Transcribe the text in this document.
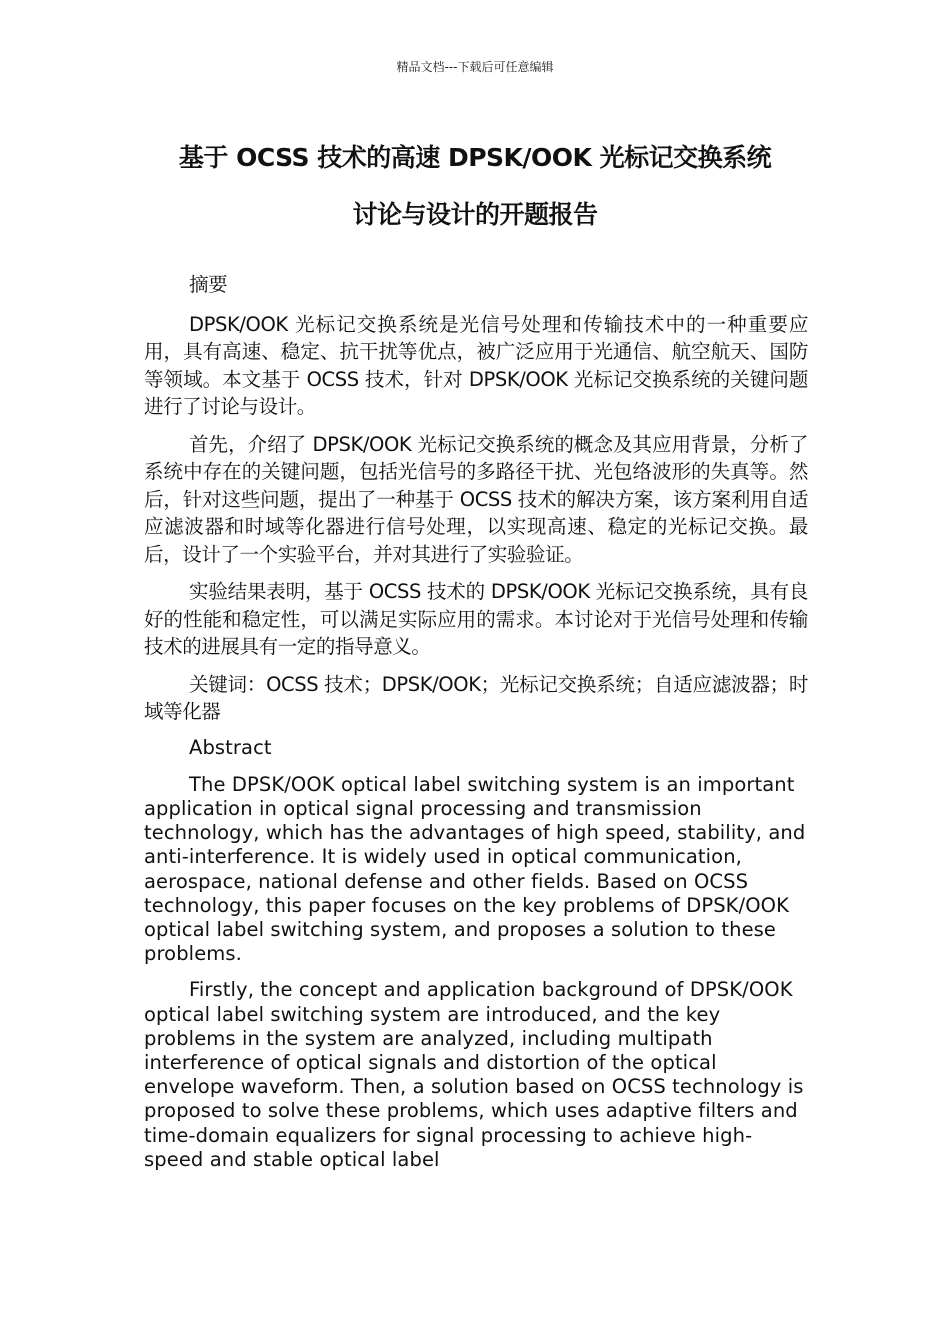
精品文档---下载后可任意编辑
基于 OCSS 技术的高速 DPSK/OOK 光标记交换系统
讨论与设计的开题报告

摘要

DPSK/OOK 光标记交换系统是光信号处理和传输技术中的一种重要应用，具有高速、稳定、抗干扰等优点，被广泛应用于光通信、航空航天、国防等领域。本文基于 OCSS 技术，针对 DPSK/OOK 光标记交换系统的关键问题进行了讨论与设计。

首先，介绍了 DPSK/OOK 光标记交换系统的概念及其应用背景，分析了系统中存在的关键问题，包括光信号的多路径干扰、光包络波形的失真等。然后，针对这些问题，提出了一种基于 OCSS 技术的解决方案，该方案利用自适应滤波器和时域等化器进行信号处理，以实现高速、稳定的光标记交换。最后，设计了一个实验平台，并对其进行了实验验证。

实验结果表明，基于 OCSS 技术的 DPSK/OOK 光标记交换系统，具有良好的性能和稳定性，可以满足实际应用的需求。本讨论对于光信号处理和传输技术的进展具有一定的指导意义。

关键词：OCSS 技术；DPSK/OOK；光标记交换系统；自适应滤波器；时域等化器

Abstract

The DPSK/OOK optical label switching system is an important application in optical signal processing and transmission technology, which has the advantages of high speed, stability, and anti-interference. It is widely used in optical communication, aerospace, national defense and other fields. Based on OCSS technology, this paper focuses on the key problems of DPSK/OOK optical label switching system, and proposes a solution to these problems.

Firstly, the concept and application background of DPSK/OOK optical label switching system are introduced, and the key problems in the system are analyzed, including multipath interference of optical signals and distortion of the optical envelope waveform. Then, a solution based on OCSS technology is proposed to solve these problems, which uses adaptive filters and time-domain equalizers for signal processing to achieve high-speed and stable optical label
